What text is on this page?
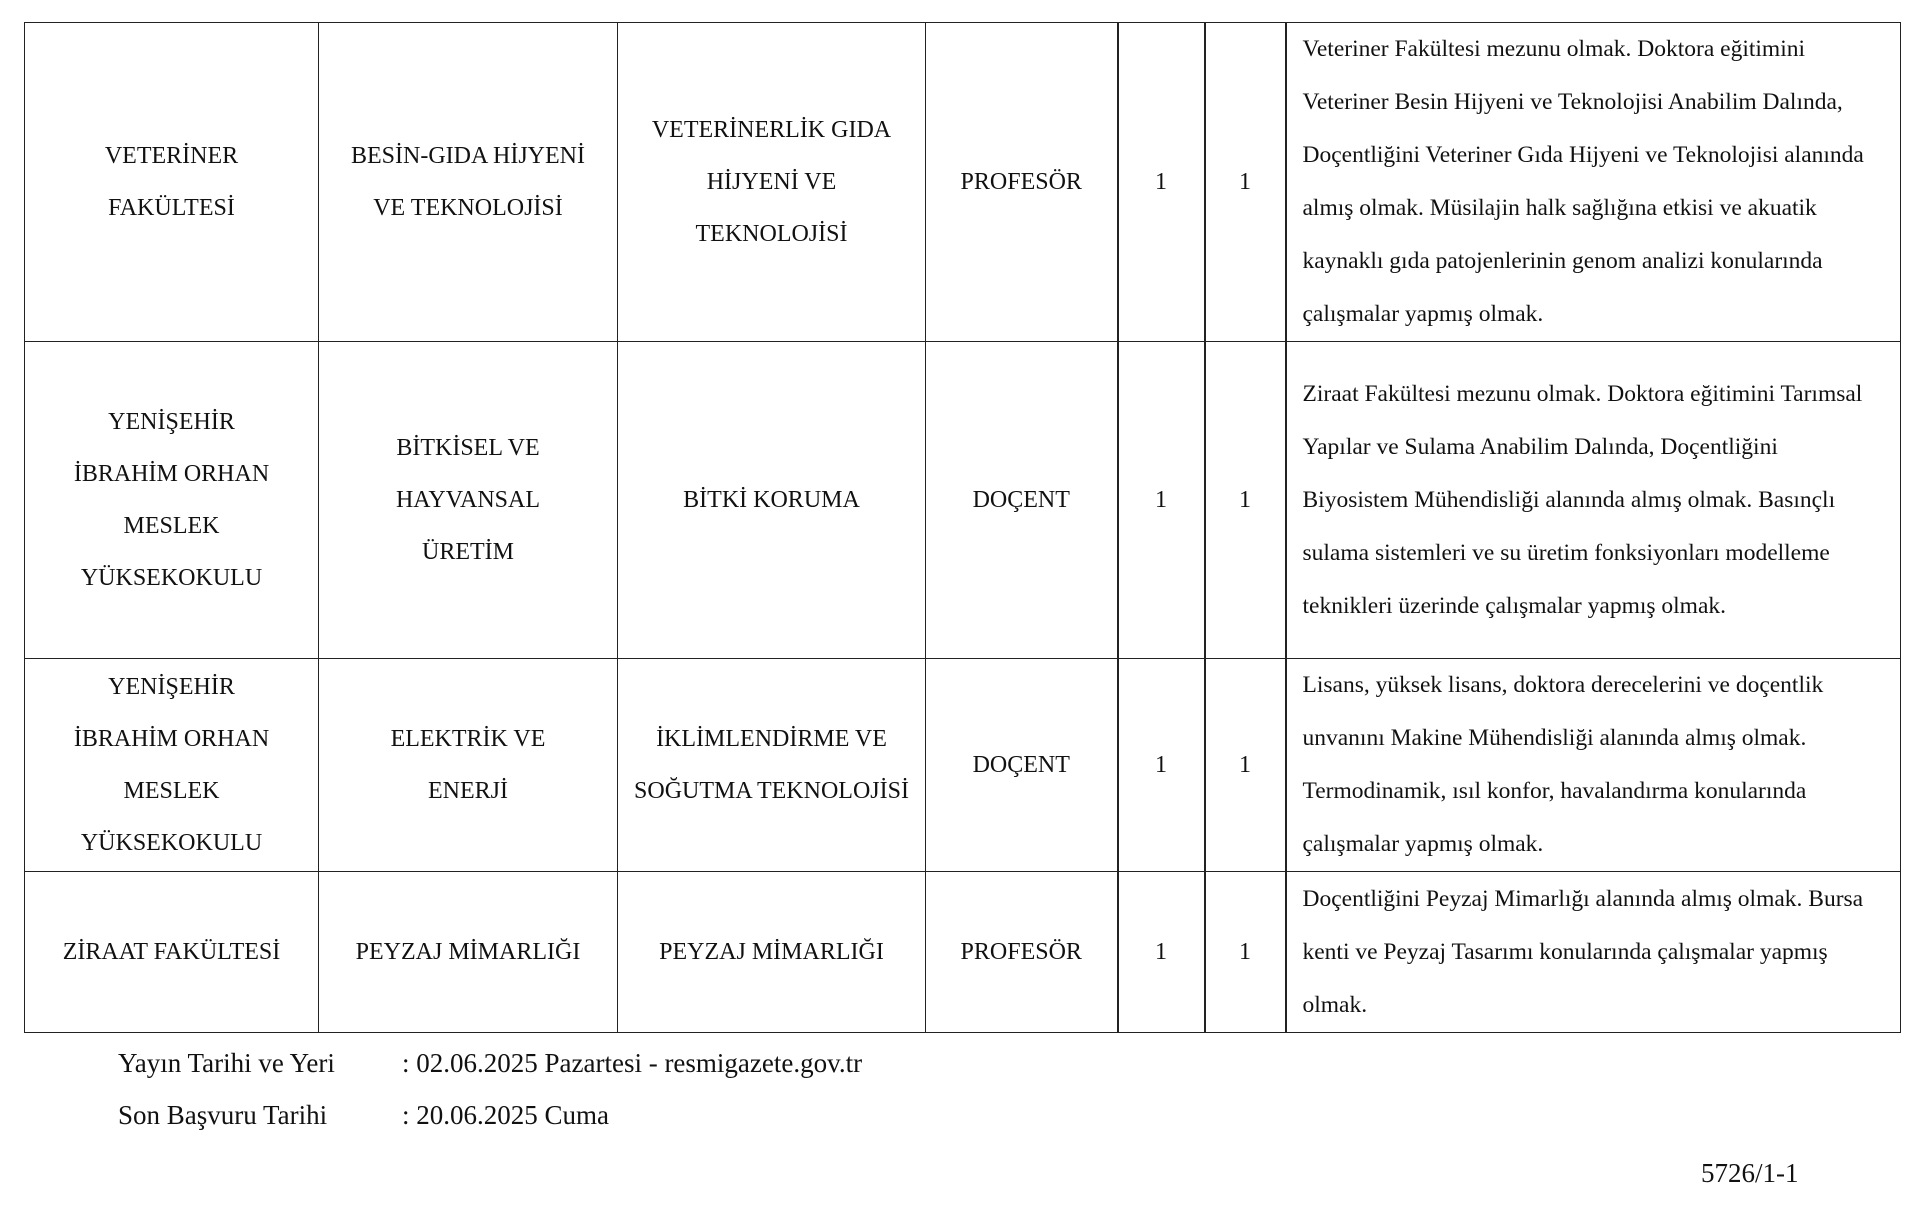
VETERİNER FAKÜLTESİ	BESİN-GIDA HİJYENİ VE TEKNOLOJİSİ	VETERİNERLİK GIDA HİJYENİ VE TEKNOLOJİSİ	PROFESÖR	1	1	Veteriner Fakültesi mezunu olmak. Doktora eğitimini Veteriner Besin Hijyeni ve Teknolojisi Anabilim Dalında, Doçentliğini Veteriner Gıda Hijyeni ve Teknolojisi alanında almış olmak. Müsilajin halk sağlığına etkisi ve akuatik kaynaklı gıda patojenlerinin genom analizi konularında çalışmalar yapmış olmak.
YENİŞEHİR İBRAHİM ORHAN MESLEK YÜKSEKOKULU	BİTKİSEL VE HAYVANSAL ÜRETİM	BİTKİ KORUMA	DOÇENT	1	1	Ziraat Fakültesi mezunu olmak. Doktora eğitimini Tarımsal Yapılar ve Sulama Anabilim Dalında, Doçentliğini Biyosistem Mühendisliği alanında almış olmak. Basınçlı sulama sistemleri ve su üretim fonksiyonları modelleme teknikleri üzerinde çalışmalar yapmış olmak.
YENİŞEHİR İBRAHİM ORHAN MESLEK YÜKSEKOKULU	ELEKTRİK VE ENERJİ	İKLİMLENDİRME VE SOĞUTMA TEKNOLOJİSİ	DOÇENT	1	1	Lisans, yüksek lisans, doktora derecelerini ve doçentlik unvanını Makine Mühendisliği alanında almış olmak. Termodinamik, ısıl konfor, havalandırma konularında çalışmalar yapmış olmak.
ZİRAAT FAKÜLTESİ	PEYZAJ MİMARLIĞI	PEYZAJ MİMARLIĞI	PROFESÖR	1	1	Doçentliğini Peyzaj Mimarlığı alanında almış olmak. Bursa kenti ve Peyzaj Tasarımı konularında çalışmalar yapmış olmak.
Yayın Tarihi ve Yeri : 02.06.2025 Pazartesi - resmigazete.gov.tr
Son Başvuru Tarihi	: 20.06.2025 Cuma
5726/1-1
